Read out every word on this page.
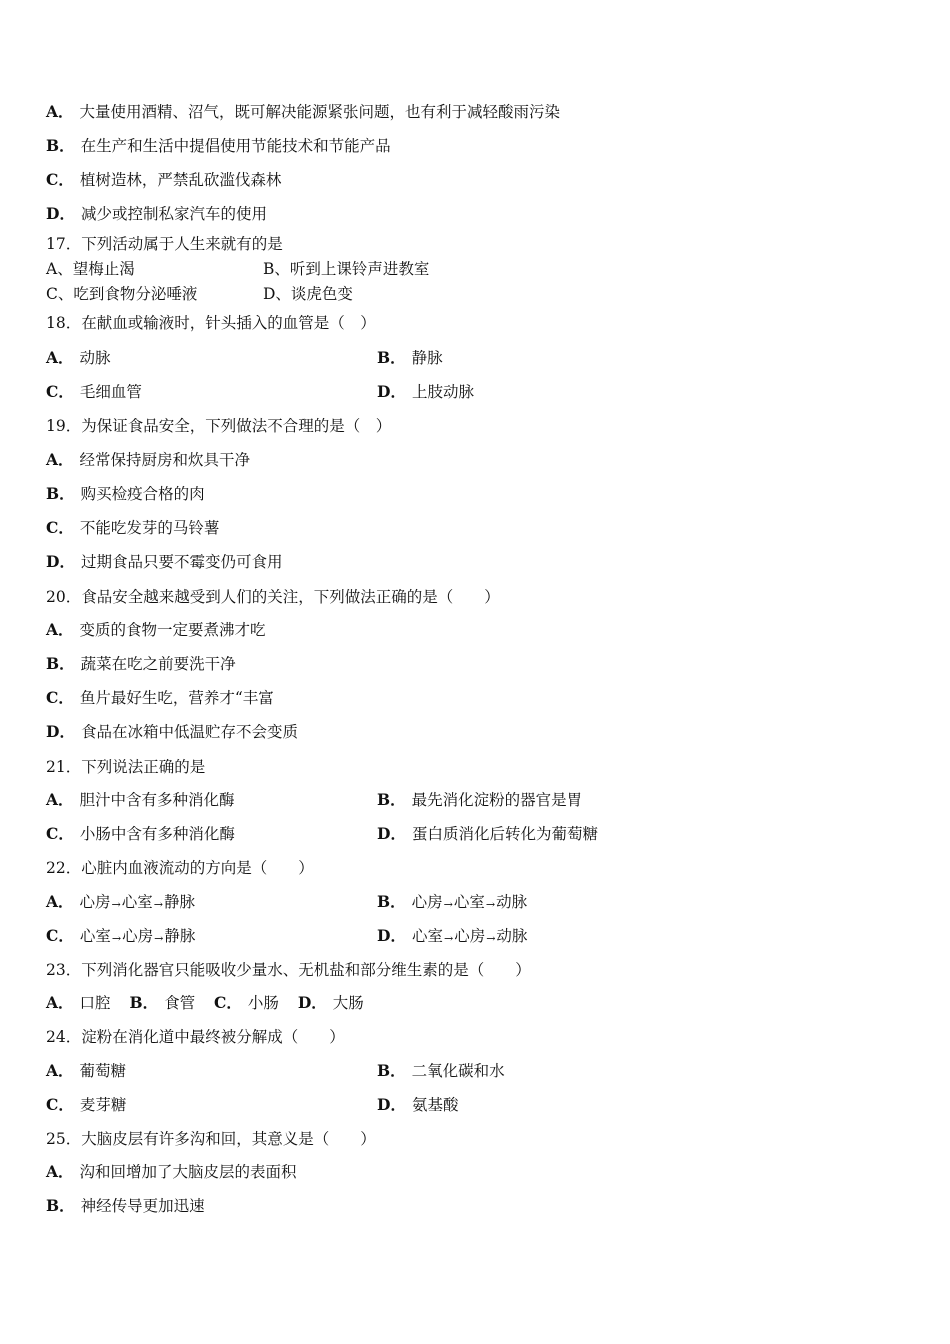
A． 大量使用酒精、沼气，既可解决能源紧张问题，也有利于减轻酸雨污染
B． 在生产和生活中提倡使用节能技术和节能产品
C． 植树造林，严禁乱砍滥伐森林
D． 减少或控制私家汽车的使用
17．下列活动属于人生来就有的是
A、望梅止渴	B、听到上课铃声进教室
C、吃到食物分泌唾液	D、谈虎色变
18．在献血或输液时，针头插入的血管是（　）
A． 动脉	B． 静脉
C． 毛细血管	D． 上肢动脉
19．为保证食品安全，下列做法不合理的是（　）
A． 经常保持厨房和炊具干净
B． 购买检疫合格的肉
C． 不能吃发芽的马铃薯
D． 过期食品只要不霉变仍可食用
20．食品安全越来越受到人们的关注，下列做法正确的是（　　）
A． 变质的食物一定要煮沸才吃
B． 蔬菜在吃之前要洗干净
C． 鱼片最好生吃，营养才“丰富
D． 食品在冰箱中低温贮存不会变质
21．下列说法正确的是
A． 胆汁中含有多种消化酶	B． 最先消化淀粉的器官是胃
C． 小肠中含有多种消化酶	D． 蛋白质消化后转化为葡萄糖
22．心脏内血液流动的方向是（　　）
A． 心房→心室→静脉	B． 心房→心室→动脉
C． 心室→心房→静脉	D． 心室→心房→动脉
23．下列消化器官只能吸收少量水、无机盐和部分维生素的是（　　）
A． 口腔 B． 食管 C． 小肠 D． 大肠
24．淀粉在消化道中最终被分解成（　　）
A． 葡萄糖	B． 二氧化碳和水
C． 麦芽糖	D． 氨基酸
25．大脑皮层有许多沟和回，其意义是（　　）
A． 沟和回增加了大脑皮层的表面积
B． 神经传导更加迅速
